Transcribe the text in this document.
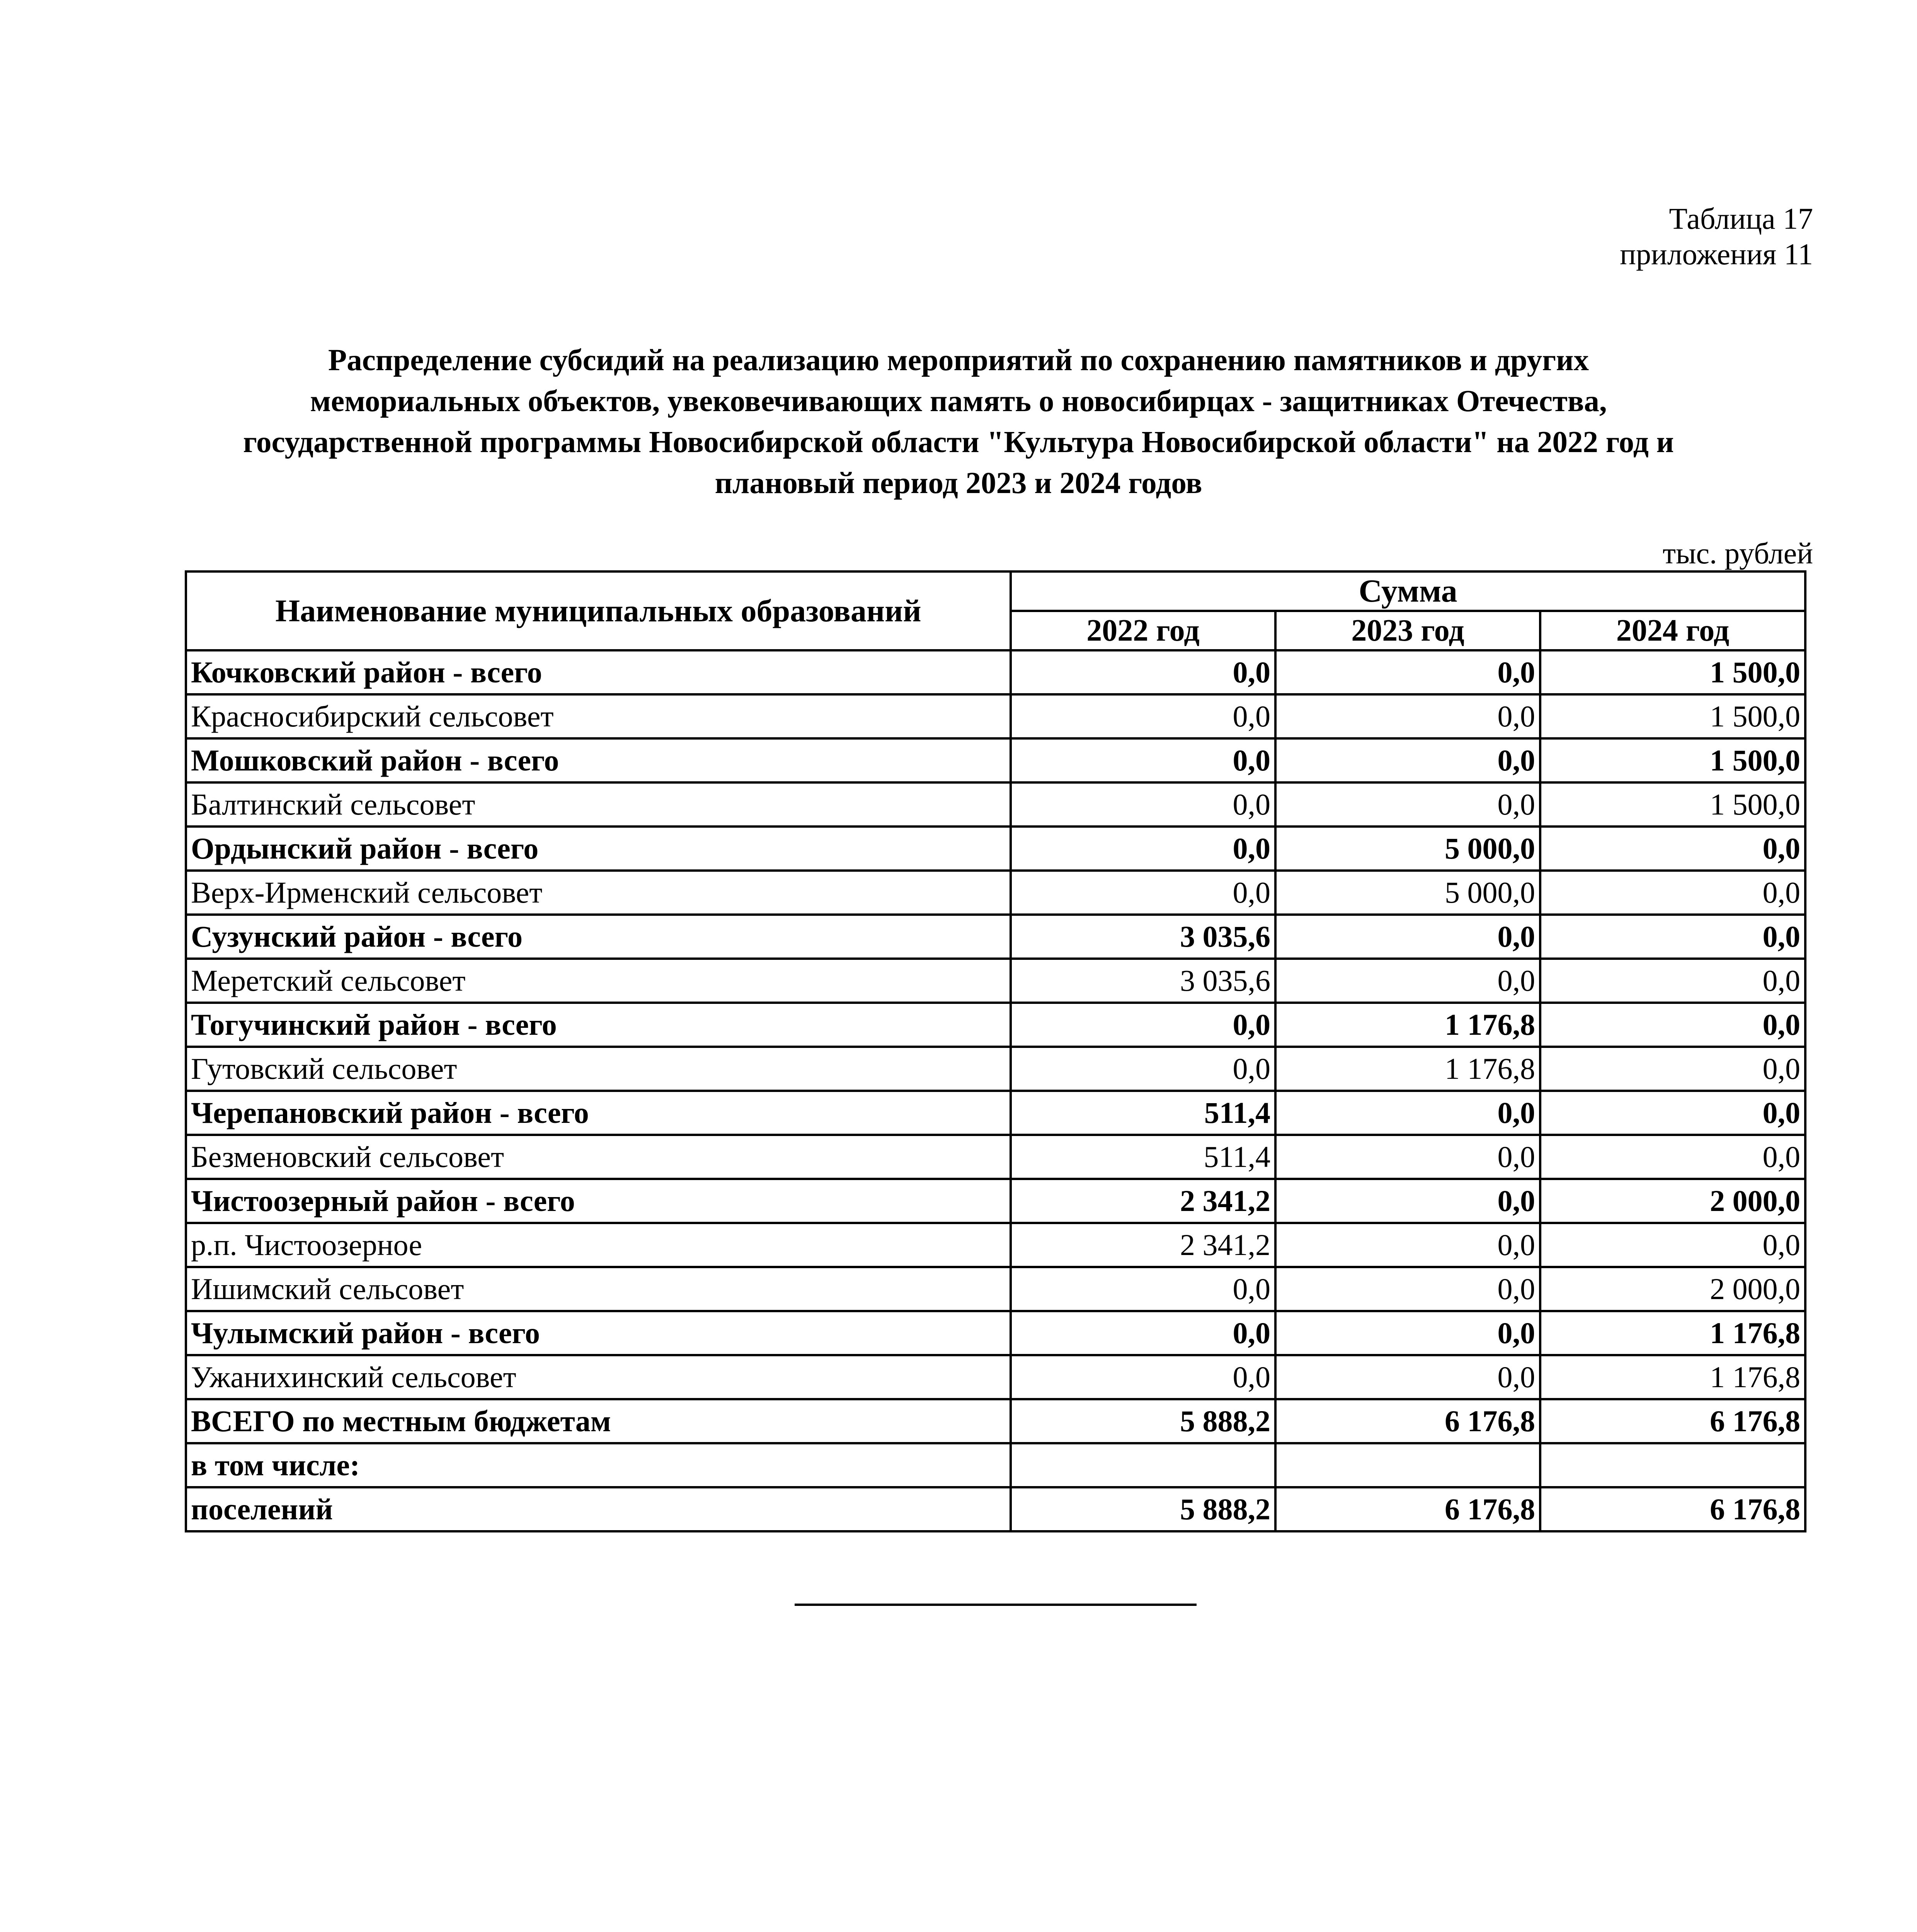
Таблица 17
приложения 11
Распределение субсидий на реализацию мероприятий по сохранению памятников и других
мемориальных объектов, увековечивающих память о новосибирцах - защитниках Отечества,
государственной программы Новосибирской области "Культура Новосибирской области" на 2022 год и
плановый период 2023 и 2024 годов
тыс. рублей
Наименование муниципальных образований	Сумма		
	2022 год	2023 год	2024 год
Кочковский район - всего	0,0	0,0	1 500,0
Красносибирский сельсовет	0,0	0,0	1 500,0
Мошковский район - всего	0,0	0,0	1 500,0
Балтинский сельсовет	0,0	0,0	1 500,0
Ордынский район - всего	0,0	5 000,0	0,0
Верх-Ирменский сельсовет	0,0	5 000,0	0,0
Сузунский район - всего	3 035,6	0,0	0,0
Меретский сельсовет	3 035,6	0,0	0,0
Тогучинский район - всего	0,0	1 176,8	0,0
Гутовский сельсовет	0,0	1 176,8	0,0
Черепановский район - всего	511,4	0,0	0,0
Безменовский сельсовет	511,4	0,0	0,0
Чистоозерный район - всего	2 341,2	0,0	2 000,0
р.п. Чистоозерное	2 341,2	0,0	0,0
Ишимский сельсовет	0,0	0,0	2 000,0
Чулымский район - всего	0,0	0,0	1 176,8
Ужанихинский сельсовет	0,0	0,0	1 176,8
ВСЕГО по местным бюджетам	5 888,2	6 176,8	6 176,8
в том числе:			
поселений	5 888,2	6 176,8	6 176,8
